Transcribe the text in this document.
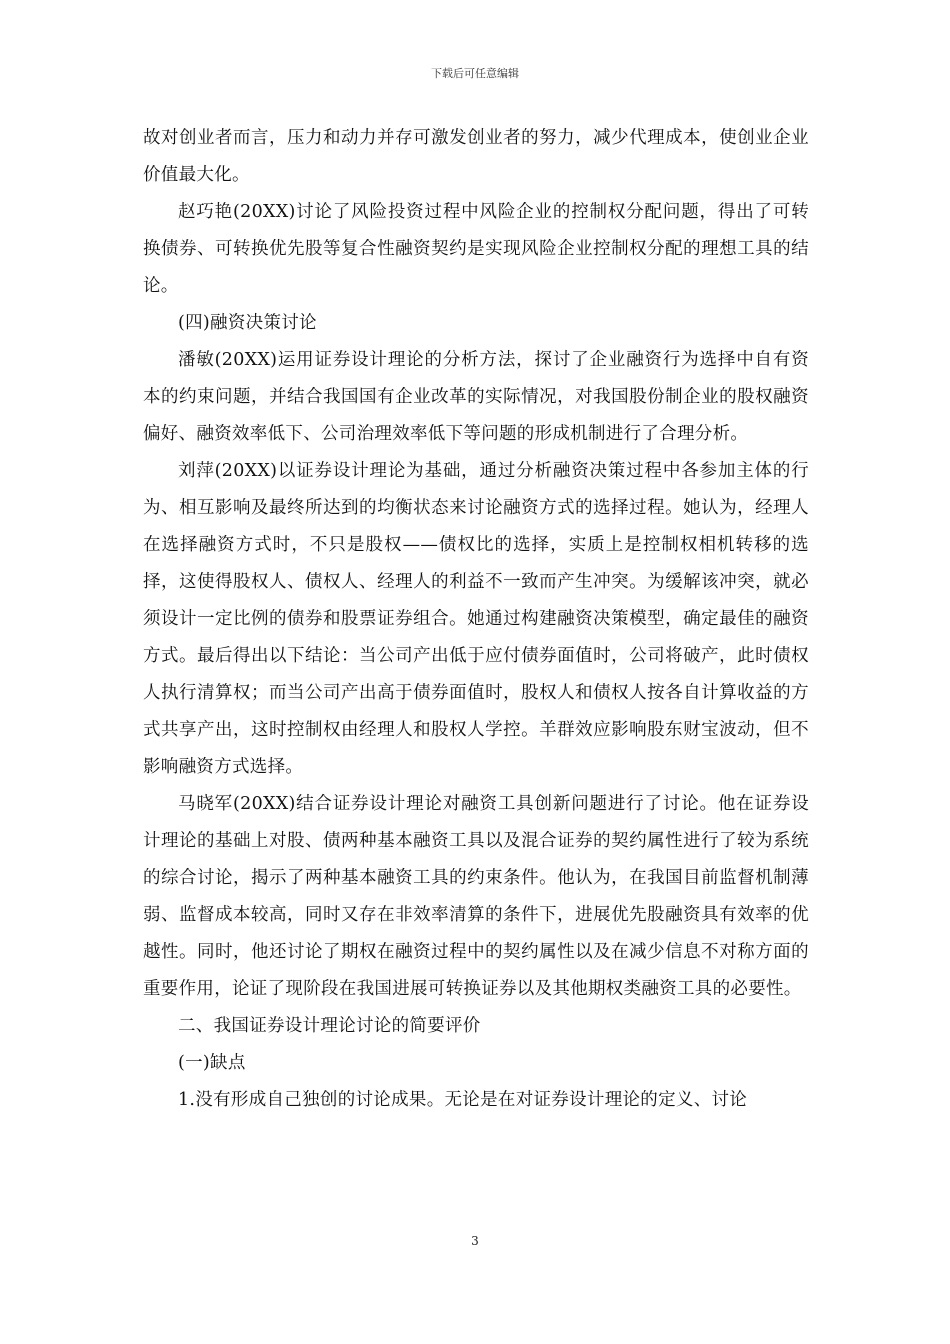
下载后可任意编辑

故对创业者而言，压力和动力并存可激发创业者的努力，减少代理成本，使创业企业价值最大化。

赵巧艳(20XX)讨论了风险投资过程中风险企业的控制权分配问题，得出了可转换债券、可转换优先股等复合性融资契约是实现风险企业控制权分配的理想工具的结论。

(四)融资决策讨论

潘敏(20XX)运用证券设计理论的分析方法，探讨了企业融资行为选择中自有资本的约束问题，并结合我国国有企业改革的实际情况，对我国股份制企业的股权融资偏好、融资效率低下、公司治理效率低下等问题的形成机制进行了合理分析。

刘萍(20XX)以证券设计理论为基础，通过分析融资决策过程中各参加主体的行为、相互影响及最终所达到的均衡状态来讨论融资方式的选择过程。她认为，经理人在选择融资方式时，不只是股权——债权比的选择，实质上是控制权相机转移的选择，这使得股权人、债权人、经理人的利益不一致而产生冲突。为缓解该冲突，就必须设计一定比例的债券和股票证券组合。她通过构建融资决策模型，确定最佳的融资方式。最后得出以下结论：当公司产出低于应付债券面值时，公司将破产，此时债权人执行清算权；而当公司产出高于债券面值时，股权人和债权人按各自计算收益的方式共享产出，这时控制权由经理人和股权人学控。羊群效应影响股东财宝波动，但不影响融资方式选择。

马晓军(20XX)结合证券设计理论对融资工具创新问题进行了讨论。他在证券设计理论的基础上对股、债两种基本融资工具以及混合证券的契约属性进行了较为系统的综合讨论，揭示了两种基本融资工具的约束条件。他认为，在我国目前监督机制薄弱、监督成本较高，同时又存在非效率清算的条件下，进展优先股融资具有效率的优越性。同时，他还讨论了期权在融资过程中的契约属性以及在减少信息不对称方面的重要作用，论证了现阶段在我国进展可转换证券以及其他期权类融资工具的必要性。

二、我国证券设计理论讨论的简要评价

(一)缺点

1.没有形成自己独创的讨论成果。无论是在对证券设计理论的定义、讨论

3
